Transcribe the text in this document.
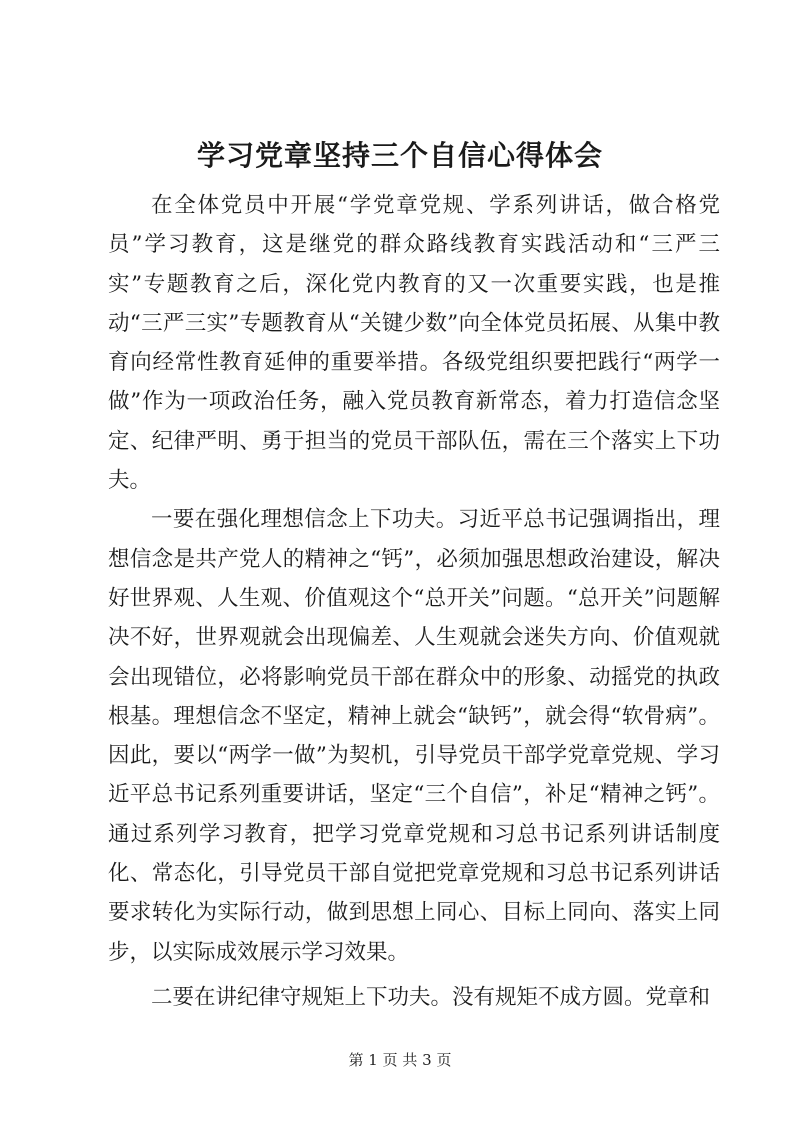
学习党章坚持三个自信心得体会

在全体党员中开展“学党章党规、学系列讲话，做合格党员”学习教育，这是继党的群众路线教育实践活动和“三严三实”专题教育之后，深化党内教育的又一次重要实践，也是推动“三严三实”专题教育从“关键少数”向全体党员拓展、从集中教育向经常性教育延伸的重要举措。各级党组织要把践行“两学一做”作为一项政治任务，融入党员教育新常态，着力打造信念坚定、纪律严明、勇于担当的党员干部队伍，需在三个落实上下功夫。

一要在强化理想信念上下功夫。习近平总书记强调指出，理想信念是共产党人的精神之“钙”，必须加强思想政治建设，解决好世界观、人生观、价值观这个“总开关”问题。“总开关”问题解决不好，世界观就会出现偏差、人生观就会迷失方向、价值观就会出现错位，必将影响党员干部在群众中的形象、动摇党的执政根基。理想信念不坚定，精神上就会“缺钙”，就会得“软骨病”。因此，要以“两学一做”为契机，引导党员干部学党章党规、学习近平总书记系列重要讲话，坚定“三个自信”，补足“精神之钙”。通过系列学习教育，把学习党章党规和习总书记系列讲话制度化、常态化，引导党员干部自觉把党章党规和习总书记系列讲话要求转化为实际行动，做到思想上同心、目标上同向、落实上同步，以实际成效展示学习效果。

二要在讲纪律守规矩上下功夫。没有规矩不成方圆。党章和

第 1 页 共 3 页
